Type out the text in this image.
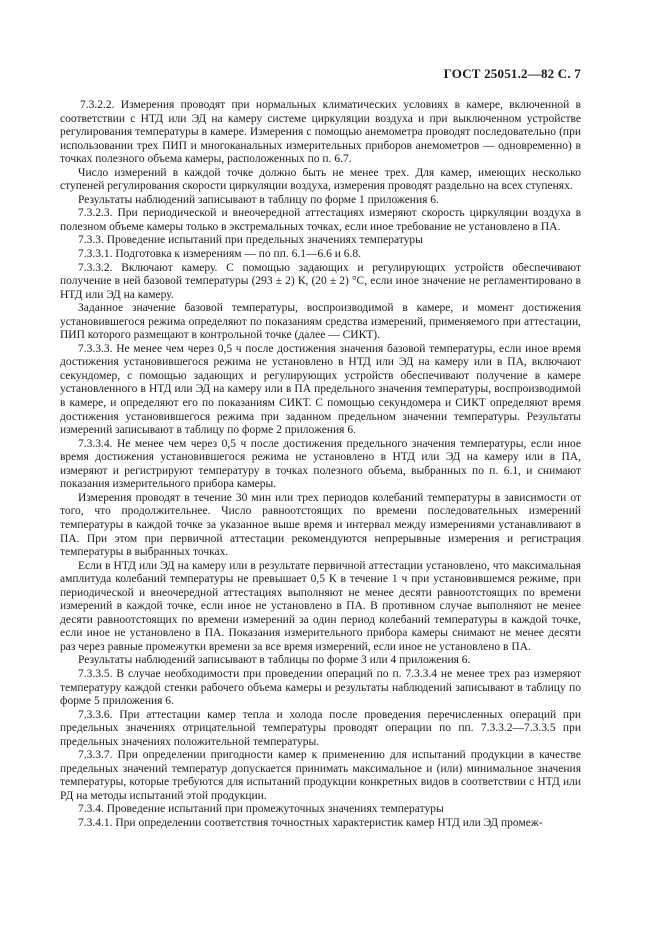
ГОСТ 25051.2—82 С. 7

7.3.2.2. Измерения проводят при нормальных климатических условиях в камере, включенной в соответствии с НТД или ЭД на камеру системе циркуляции воздуха и при выключенном устройстве регулирования температуры в камере. Измерения с помощью анемометра проводят последовательно (при использовании трех ПИП и многоканальных измерительных приборов анемометров — одновременно) в точках полезного объема камеры, расположенных по п. 6.7.

Число измерений в каждой точке должно быть не менее трех. Для камер, имеющих несколько ступеней регулирования скорости циркуляции воздуха, измерения проводят раздельно на всех ступенях.

Результаты наблюдений записывают в таблицу по форме 1 приложения 6.

7.3.2.3. При периодической и внеочередной аттестациях измеряют скорость циркуляции воздуха в полезном объеме камеры только в экстремальных точках, если иное требование не установлено в ПА.

7.3.3. Проведение испытаний при предельных значениях температуры

7.3.3.1. Подготовка к измерениям — по пп. 6.1—6.6 и 6.8.

7.3.3.2. Включают камеру. С помощью задающих и регулирующих устройств обеспечивают получение в ней базовой температуры (293 ± 2) К, (20 ± 2) °С, если иное значение не регламентировано в НТД или ЭД на камеру.

Заданное значение базовой температуры, воспроизводимой в камере, и момент достижения установившегося режима определяют по показаниям средства измерений, применяемого при аттестации, ПИП которого размещают в контрольной точке (далее — СИКТ).

7.3.3.3. Не менее чем через 0,5 ч после достижения значения базовой температуры, если иное время достижения установившегося режима не установлено в НТД или ЭД на камеру или в ПА, включают секундомер, с помощью задающих и регулирующих устройств обеспечивают получение в камере установленного в НТД или ЭД на камеру или в ПА предельного значения температуры, воспроизводимой в камере, и определяют его по показаниям СИКТ. С помощью секундомера и СИКТ определяют время достижения установившегося режима при заданном предельном значении температуры. Результаты измерений записывают в таблицу по форме 2 приложения 6.

7.3.3.4. Не менее чем через 0,5 ч после достижения предельного значения температуры, если иное время достижения установившегося режима не установлено в НТД или ЭД на камеру или в ПА, измеряют и регистрируют температуру в точках полезного объема, выбранных по п. 6.1, и снимают показания измерительного прибора камеры.

Измерения проводят в течение 30 мин или трех периодов колебаний температуры в зависимости от того, что продолжительнее. Число равноотстоящих по времени последовательных измерений температуры в каждой точке за указанное выше время и интервал между измерениями устанавливают в ПА. При этом при первичной аттестации рекомендуются непрерывные измерения и регистрация температуры в выбранных точках.

Если в НТД или ЭД на камеру или в результате первичной аттестации установлено, что максимальная амплитуда колебаний температуры не превышает 0,5 К в течение 1 ч при установившемся режиме, при периодической и внеочередной аттестациях выполняют не менее десяти равноотстоящих по времени измерений в каждой точке, если иное не установлено в ПА. В противном случае выполняют не менее десяти равноотстоящих по времени измерений за один период колебаний температуры в каждой точке, если иное не установлено в ПА. Показания измерительного прибора камеры снимают не менее десяти раз через равные промежутки времени за все время измерений, если иное не установлено в ПА.

Результаты наблюдений записывают в таблицы по форме 3 или 4 приложения 6.

7.3.3.5. В случае необходимости при проведении операций по п. 7.3.3.4 не менее трех раз измеряют температуру каждой стенки рабочего объема камеры и результаты наблюдений записывают в таблицу по форме 5 приложения 6.

7.3.3.6. При аттестации камер тепла и холода после проведения перечисленных операций при предельных значениях отрицательной температуры проводят операции по пп. 7.3.3.2—7.3.3.5 при предельных значениях положительной температуры.

7.3.3.7. При определении пригодности камер к применению для испытаний продукции в качестве предельных значений температур допускается принимать максимальное и (или) минимальное значения температуры, которые требуются для испытаний продукции конкретных видов в соответствии с НТД или РД на методы испытаний этой продукции.

7.3.4. Проведение испытаний при промежуточных значениях температуры

7.3.4.1. При определении соответствия точностных характеристик камер НТД или ЭД промеж-
